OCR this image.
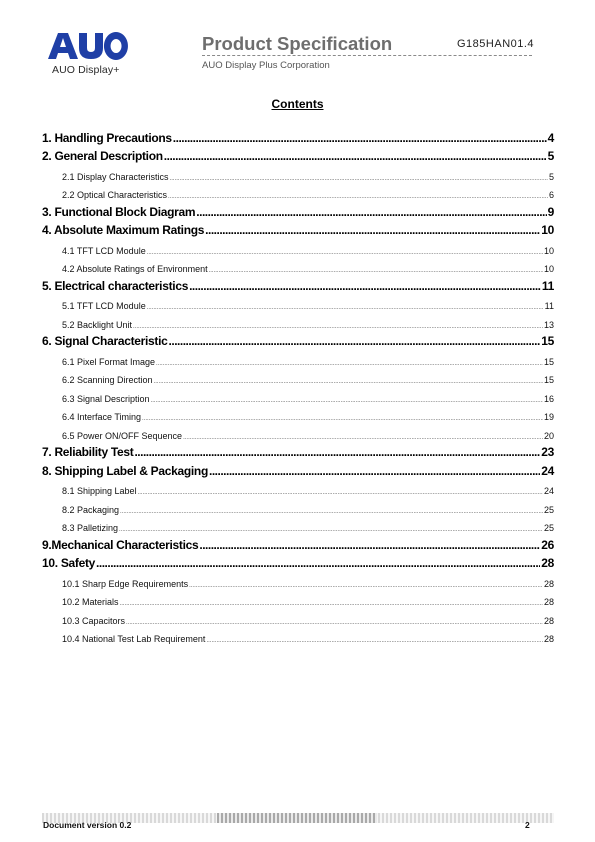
AUO Display+
Product Specification	G185HAN01.4
AUO Display Plus Corporation
Contents
1. Handling Precautions .....	4
2. General Description .....	5
2.1 Display Characteristics .....	5
2.2 Optical Characteristics .....	6
3. Functional Block Diagram .....	9
4. Absolute Maximum Ratings .....	10
4.1 TFT LCD Module .....	10
4.2 Absolute Ratings of Environment .....	10
5. Electrical characteristics .....	11
5.1 TFT LCD Module .....	11
5.2 Backlight Unit .....	13
6. Signal Characteristic .....	15
6.1 Pixel Format Image .....	15
6.2 Scanning Direction .....	15
6.3 Signal Description .....	16
6.4 Interface Timing .....	19
6.5 Power ON/OFF Sequence .....	20
7. Reliability Test .....	23
8. Shipping Label & Packaging .....	24
8.1 Shipping Label .....	24
8.2 Packaging .....	25
8.3 Palletizing .....	25
9.Mechanical Characteristics .....	26
10. Safety .....	28
10.1 Sharp Edge Requirements .....	28
10.2 Materials .....	28
10.3 Capacitors .....	28
10.4 National Test Lab Requirement .....	28
Document version 0.2	2
